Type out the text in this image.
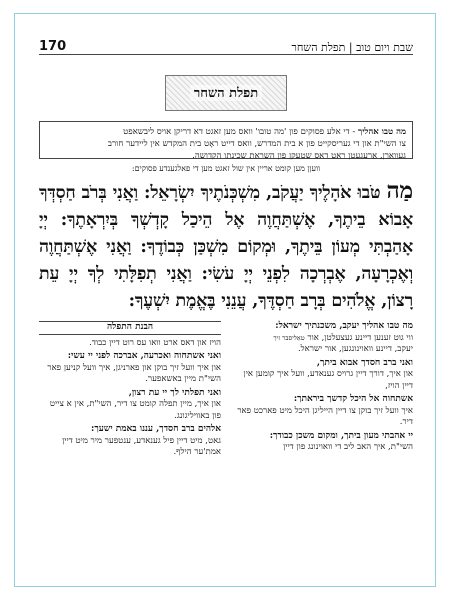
שבת ויום טוב | תפלת השחר
170
תפלת השחר
מה טבו אהליך - די אלע פסוקים פון 'מה טובו' וואס מען זאגט דא דריקן אויס ליבשאפט
צו השי"ת און די געריסקייט פון א בית המדרש, וואס דייט ראָט בית המקדש אין ליידער חורב
געווארן, אַרעגעטן ראט דאס שטעקן פון השראת שכינתו הקדושה.
וועןן מען קומט אריין אין שול זאגט מען די פאלגענדע פסוקים:
מַה טֹּבוּ אֹהָלֶיךָ יַעֲקֹב, מִשְׁכְּנֹתֶיךָ יִשְׂרָאֵל: וַאֲנִי בְּרֹב חַסְדְּךָ אָבוֹא בֵיתֶךָ, אֶשְׁתַּחֲוֶה אֶל הֵיכַל קָדְשְׁךָ בְּיִרְאָתֶךָ: יְיָ אָהַבְתִּי מְעוֹן בֵּיתֶךָ, וּמְקוֹם מִשְׁכַּן כְּבוֹדֶךָ: וַאֲנִי אֶשְׁתַּחֲוֶה וְאֶכְרָעָה, אֶבְרְכָה לִפְנֵי יְיָ עֹשִׂי: וַאֲנִי תְפִלָּתִי לְךָ יְיָ עֵת רָצוֹן, אֱלֹהִים בְּרָב חַסְדֶּךָ, עֲנֵנִי בֶּאֱמֶת יִשְׁעֶךָ:

מה טבו אהליך יעקב, משכנתיך ישראל:
ווי גוט זענען דיינע געצעלטן, אור טאַליסבר זיך
יעקב, דיינע וואוינונגען, אור ישראל.

ואני ברב חסדך אבוא ביתך,
און איך, דורך דיין גרויס גענאדע, וועל איך קומען אין דיין הויז,

אשתחוה אל היכל קדשך ביראתך:
איך וועל זיך בוקן צו דיין הייליגן היכל מיט פארכט פאר דיר.

יי אהבתי מעון ביתך, ומקום משכן כבודך:
השי"ת, איך האב ליב די וואוינונג פון דיין

הבנת התפלה

הויז און דאס ארט וואו עס רוט דיין כבוד.

ואני אשתחוה ואכרעה, אברכה לפני יי עשי:
און איך וועל זיך בוקן און פארניגן, איך וועל קניען פאר השי"ת מיין באשאפער.

ואני תפלתי לך יי עת רצון,
און איך, מיין תפלה קומט צו דיר, השי"ת, אין א צייט פון באוויליגונג.

אלהים ברב חסדך, עננו באמת ישעך:
גאט, מיט דיין פיל גענאדע, ענטפער מיר מיט דיין אמת'ער הילף.
